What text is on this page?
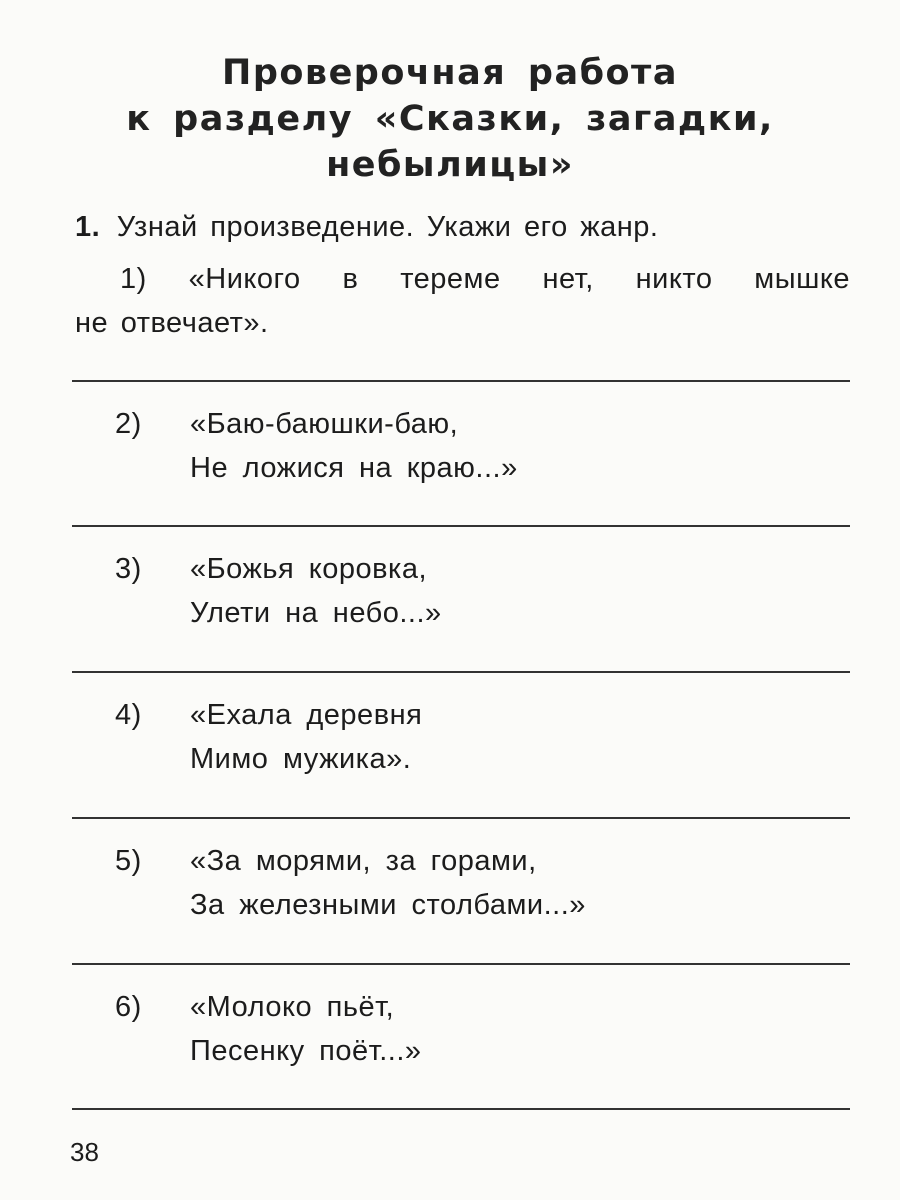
Проверочная работа
к разделу «Сказки, загадки,
небылицы»
1. Узнай произведение. Укажи его жанр.
1) «Никого в тереме нет, никто мышке
не отвечает».
2) «Баю-баюшки-баю,
Не ложися на краю...»
3) «Божья коровка,
Улети на небо...»
4) «Ехала деревня
Мимо мужика».
5) «За морями, за горами,
За железными столбами...»
6) «Молоко пьёт,
Песенку поёт...»
38
